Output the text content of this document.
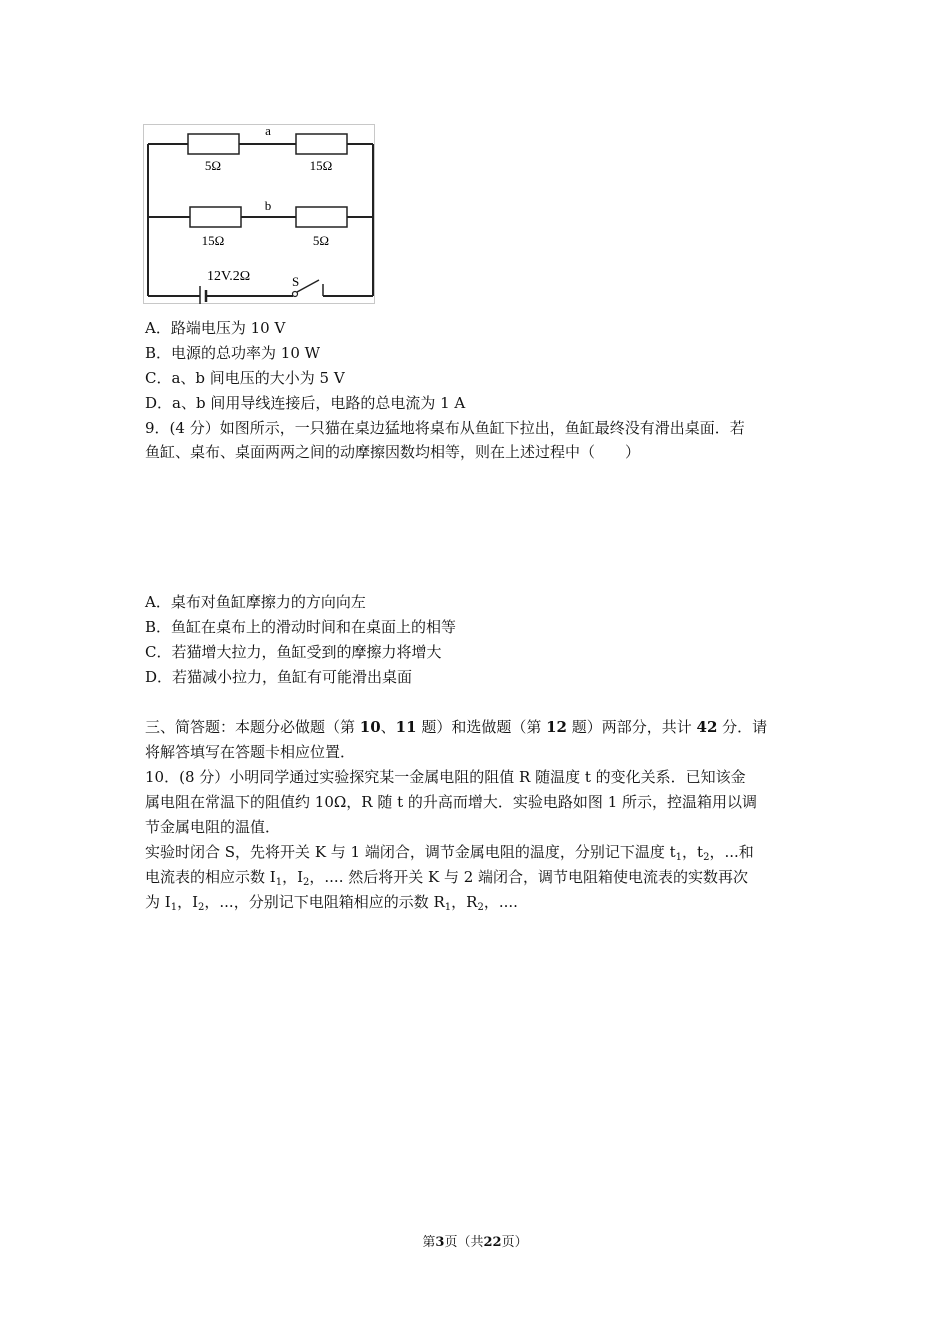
a
5Ω	15Ω
b
15Ω	5Ω
12V.2Ω	S
A．路端电压为 10 V
B．电源的总功率为 10 W
C．a、b 间电压的大小为 5 V
D．a、b 间用导线连接后，电路的总电流为 1 A
9．(4 分）如图所示，一只猫在桌边猛地将桌布从鱼缸下拉出，鱼缸最终没有滑出桌面．若
鱼缸、桌布、桌面两两之间的动摩擦因数均相等，则在上述过程中（　　）
A．桌布对鱼缸摩擦力的方向向左
B．鱼缸在桌布上的滑动时间和在桌面上的相等
C．若猫增大拉力，鱼缸受到的摩擦力将增大
D．若猫减小拉力，鱼缸有可能滑出桌面
三、简答题：本题分必做题（第 10、11 题）和选做题（第 12 题）两部分，共计 42 分．请
将解答填写在答题卡相应位置．
10．(8 分）小明同学通过实验探究某一金属电阻的阻值 R 随温度 t 的变化关系．已知该金
属电阻在常温下的阻值约 10Ω，R 随 t 的升高而增大．实验电路如图 1 所示，控温箱用以调
节金属电阻的温值．
实验时闭合 S，先将开关 K 与 1 端闭合，调节金属电阻的温度，分别记下温度 $t_1$，$t_2$，...和
电流表的相应示数 $I_1$，$I_2$，.... 然后将开关 K 与 2 端闭合，调节电阻箱使电流表的实数再次
为 $I_1$，$I_2$，...，分别记下电阻箱相应的示数 $R_1$，$R_2$，....
第3页（共22页）
